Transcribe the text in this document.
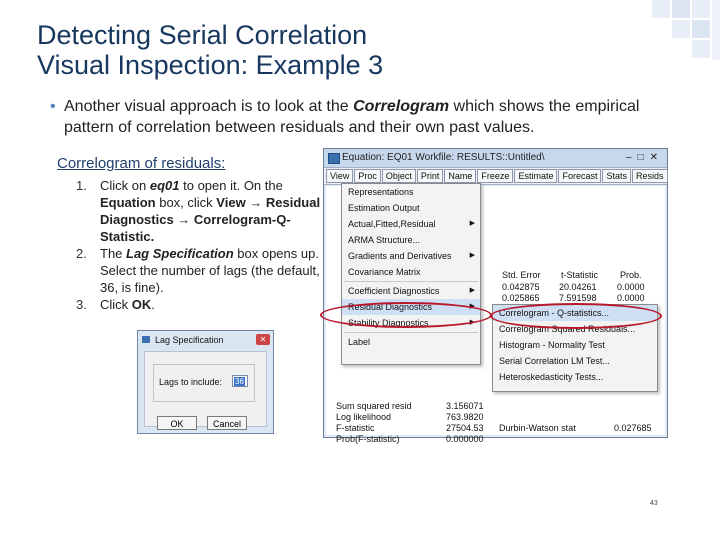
Detecting Serial Correlation
Visual Inspection: Example 3
• Another visual approach is to look at the Correlogram which shows the empirical pattern of correlation between residuals and their own past values.
Correlogram of residuals:
1. Click on eq01 to open it. On the Equation box, click View → Residual Diagnostics → Correlogram-Q-Statistic.
2. The Lag Specification box opens up. Select the number of lags (the default, 36, is fine).
3. Click OK.
Equation: EQ01 Workfile: RESULTS::Untitled\	–□✕
View	Proc	Object	Print	Name	Freeze	Estimate	Forecast	Stats	Resids
Std. Error t-Statistic Prob.
0.042875 20.04261 0.0000
0.025865 7.591598 0.0000
Sum squared resid	3.156071
Log likelihood	763.9820
F-statistic	27504.53
Prob(F-statistic)	0.000000
Durbin-Watson stat	0.027685
Representations
Estimation Output
Actual,Fitted,Residual	▶
ARMA Structure...
Gradients and Derivatives	▶
Covariance Matrix
Coefficient Diagnostics	▶
Residual Diagnostics	▶
Stability Diagnostics	▶
Label
Correlogram - Q-statistics...
Correlogram Squared Residuals...
Histogram - Normality Test
Serial Correlation LM Test...
Heteroskedasticity Tests...
Lag Specification	✕
Lags to include:	36
OK	Cancel
43
